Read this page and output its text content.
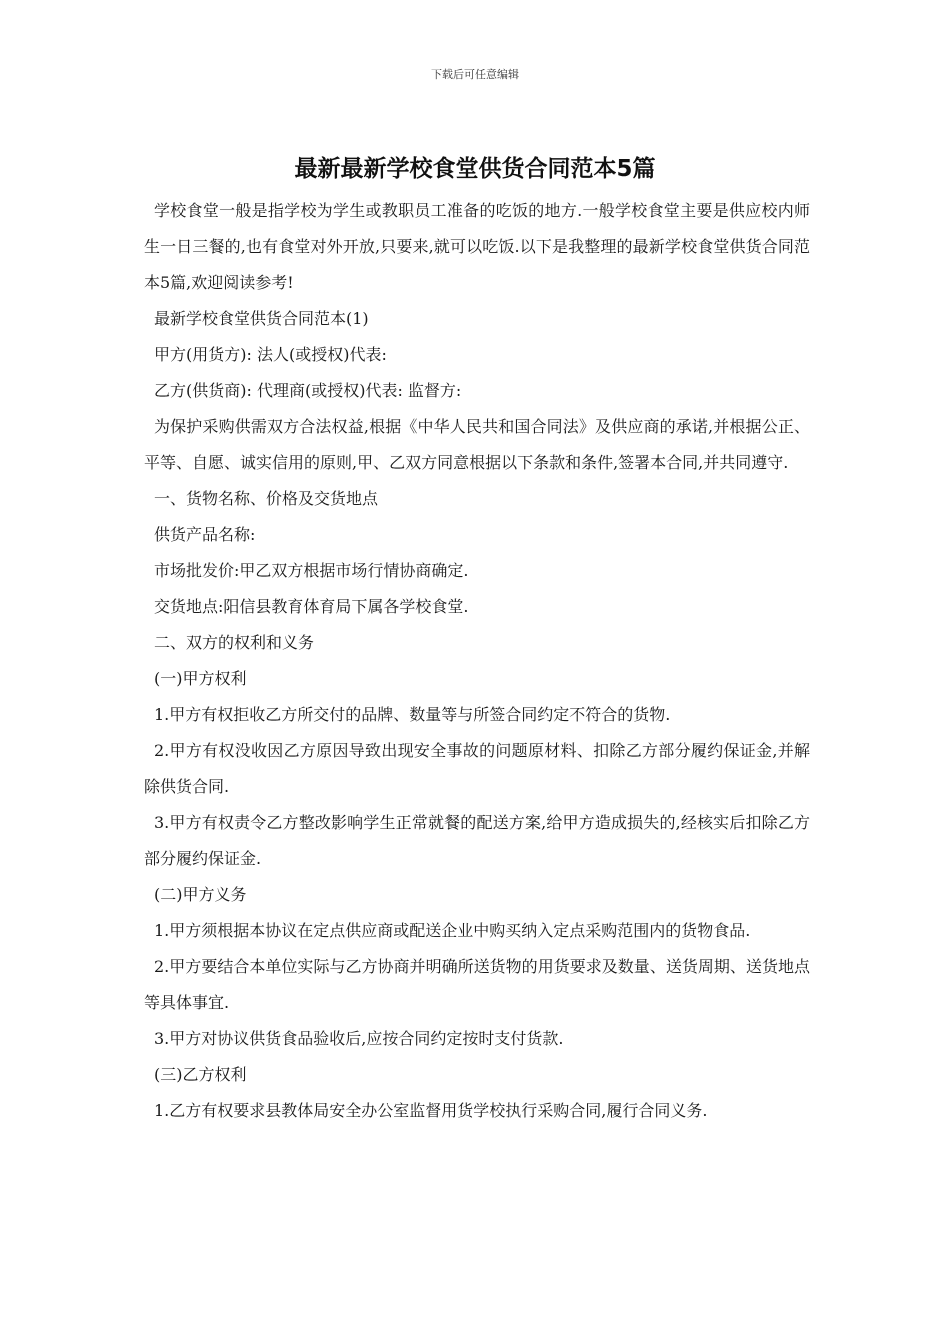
下载后可任意编辑
最新最新学校食堂供货合同范本5篇

学校食堂一般是指学校为学生或教职员工准备的吃饭的地方.一般学校食堂主要是供应校内师生一日三餐的,也有食堂对外开放,只要来,就可以吃饭.以下是我整理的最新学校食堂供货合同范本5篇,欢迎阅读参考!

最新学校食堂供货合同范本(1)

甲方(用货方): 法人(或授权)代表:

乙方(供货商): 代理商(或授权)代表: 监督方:

为保护采购供需双方合法权益,根据《中华人民共和国合同法》及供应商的承诺,并根据公正、平等、自愿、诚实信用的原则,甲、乙双方同意根据以下条款和条件,签署本合同,并共同遵守.

一、货物名称、价格及交货地点

供货产品名称:

市场批发价:甲乙双方根据市场行情协商确定.

交货地点:阳信县教育体育局下属各学校食堂.

二、双方的权利和义务

(一)甲方权利

1.甲方有权拒收乙方所交付的品牌、数量等与所签合同约定不符合的货物.

2.甲方有权没收因乙方原因导致出现安全事故的问题原材料、扣除乙方部分履约保证金,并解除供货合同.

3.甲方有权责令乙方整改影响学生正常就餐的配送方案,给甲方造成损失的,经核实后扣除乙方部分履约保证金.

(二)甲方义务

1.甲方须根据本协议在定点供应商或配送企业中购买纳入定点采购范围内的货物食品.

2.甲方要结合本单位实际与乙方协商并明确所送货物的用货要求及数量、送货周期、送货地点等具体事宜.

3.甲方对协议供货食品验收后,应按合同约定按时支付货款.

(三)乙方权利

1.乙方有权要求县教体局安全办公室监督用货学校执行采购合同,履行合同义务.
